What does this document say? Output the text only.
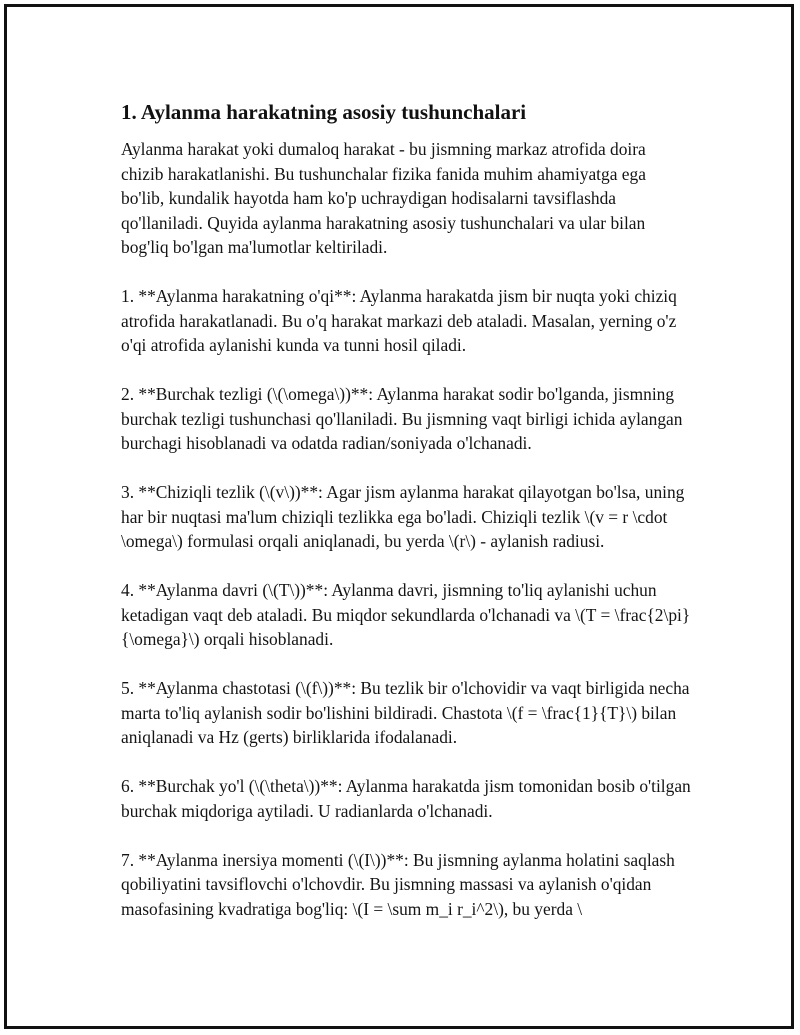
1. Aylanma harakatning asosiy tushunchalari

Aylanma harakat yoki dumaloq harakat - bu jismning markaz atrofida doira chizib harakatlanishi. Bu tushunchalar fizika fanida muhim ahamiyatga ega bo'lib, kundalik hayotda ham ko'p uchraydigan hodisalarni tavsiflashda qo'llaniladi. Quyida aylanma harakatning asosiy tushunchalari va ular bilan bog'liq bo'lgan ma'lumotlar keltiriladi.

1. **Aylanma harakatning o'qi**: Aylanma harakatda jism bir nuqta yoki chiziq atrofida harakatlanadi. Bu o'q harakat markazi deb ataladi. Masalan, yerning o'z o'qi atrofida aylanishi kunda va tunni hosil qiladi.

2. **Burchak tezligi (\(\omega\))**: Aylanma harakat sodir bo'lganda, jismning burchak tezligi tushunchasi qo'llaniladi. Bu jismning vaqt birligi ichida aylangan burchagi hisoblanadi va odatda radian/soniyada o'lchanadi.

3. **Chiziqli tezlik (\(v\))**: Agar jism aylanma harakat qilayotgan bo'lsa, uning har bir nuqtasi ma'lum chiziqli tezlikka ega bo'ladi. Chiziqli tezlik \(v = r \cdot \omega\) formulasi orqali aniqlanadi, bu yerda \(r\) - aylanish radiusi.

4. **Aylanma davri (\(T\))**: Aylanma davri, jismning to'liq aylanishi uchun ketadigan vaqt deb ataladi. Bu miqdor sekundlarda o'lchanadi va \(T = \frac{2\pi}{\omega}\) orqali hisoblanadi.

5. **Aylanma chastotasi (\(f\))**: Bu tezlik bir o'lchovidir va vaqt birligida necha marta to'liq aylanish sodir bo'lishini bildiradi. Chastota \(f = \frac{1}{T}\) bilan aniqlanadi va Hz (gerts) birliklarida ifodalanadi.

6. **Burchak yo'l (\(\theta\))**: Aylanma harakatda jism tomonidan bosib o'tilgan burchak miqdoriga aytiladi. U radianlarda o'lchanadi.

7. **Aylanma inersiya momenti (\(I\))**: Bu jismning aylanma holatini saqlash qobiliyatini tavsiflovchi o'lchovdir. Bu jismning massasi va aylanish o'qidan masofasining kvadratiga bog'liq: \(I = \sum m_i r_i^2\), bu yerda \
